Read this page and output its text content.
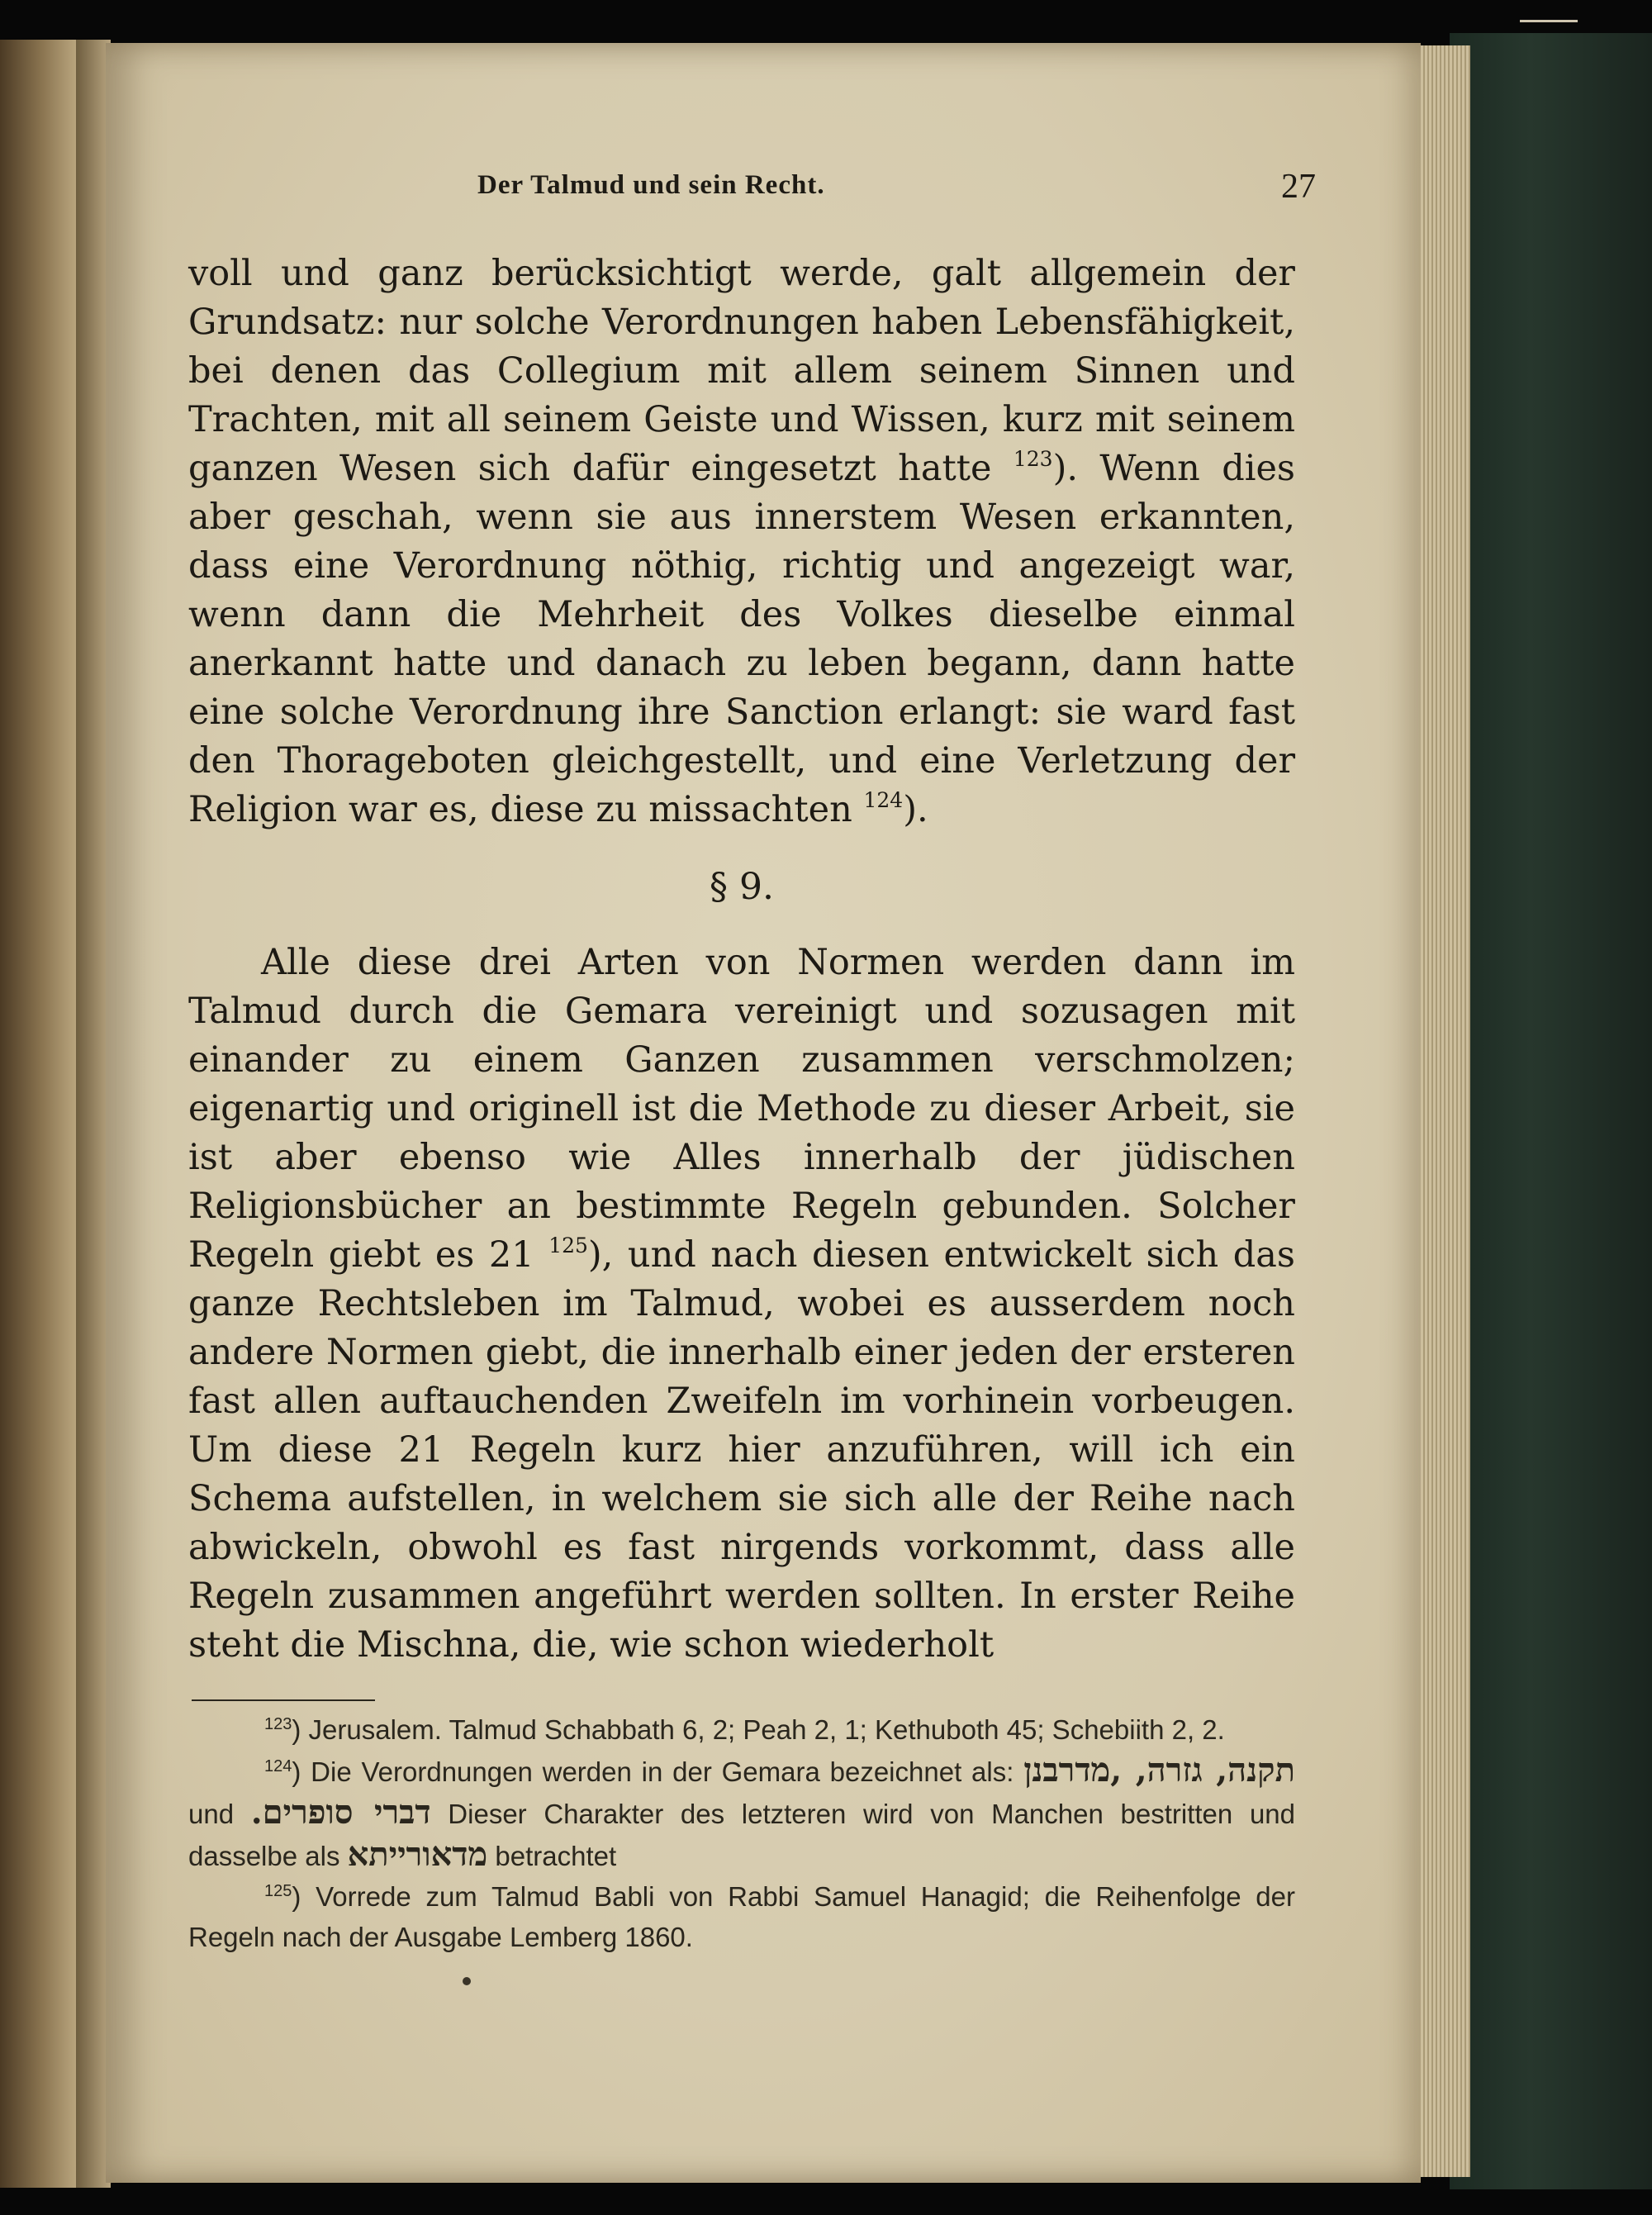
Der Talmud und sein Recht.	27

voll und ganz berücksichtigt werde, galt allgemein der Grundsatz: nur solche Verordnungen haben Lebensfähigkeit, bei denen das Collegium mit allem seinem Sinnen und Trachten, mit all seinem Geiste und Wissen, kurz mit seinem ganzen Wesen sich dafür eingesetzt hatte $^{123}$). Wenn dies aber geschah, wenn sie aus innerstem Wesen erkannten, dass eine Verordnung nöthig, richtig und angezeigt war, wenn dann die Mehrheit des Volkes dieselbe einmal anerkannt hatte und danach zu leben begann, dann hatte eine solche Verordnung ihre Sanction erlangt: sie ward fast den Thorageboten gleichgestellt, und eine Verletzung der Religion war es, diese zu missachten $^{124}$).

§ 9.

Alle diese drei Arten von Normen werden dann im Talmud durch die Gemara vereinigt und sozusagen mit einander zu einem Ganzen zusammen verschmolzen; eigenartig und originell ist die Methode zu dieser Arbeit, sie ist aber ebenso wie Alles innerhalb der jüdischen Religionsbücher an bestimmte Regeln gebunden. Solcher Regeln giebt es 21 $^{125}$), und nach diesen entwickelt sich das ganze Rechtsleben im Talmud, wobei es ausserdem noch andere Normen giebt, die innerhalb einer jeden der ersteren fast allen auftauchenden Zweifeln im vorhinein vorbeugen. Um diese 21 Regeln kurz hier anzuführen, will ich ein Schema aufstellen, in welchem sie sich alle der Reihe nach abwickeln, obwohl es fast nirgends vorkommt, dass alle Regeln zusammen angeführt werden sollten. In erster Reihe steht die Mischna, die, wie schon wiederholt

$^{123}$) Jerusalem. Talmud Schabbath 6, 2; Peah 2, 1; Kethuboth 45; Schebiith 2, 2.

$^{124}$) Die Verordnungen werden in der Gemara bezeichnet als: תקנה, גזרה, ,מדרבנן und דברי סופרים. Dieser Charakter des letzteren wird von Manchen bestritten und dasselbe als מדאורייתא betrachtet

$^{125}$) Vorrede zum Talmud Babli von Rabbi Samuel Hanagid; die Reihenfolge der Regeln nach der Ausgabe Lemberg 1860.
